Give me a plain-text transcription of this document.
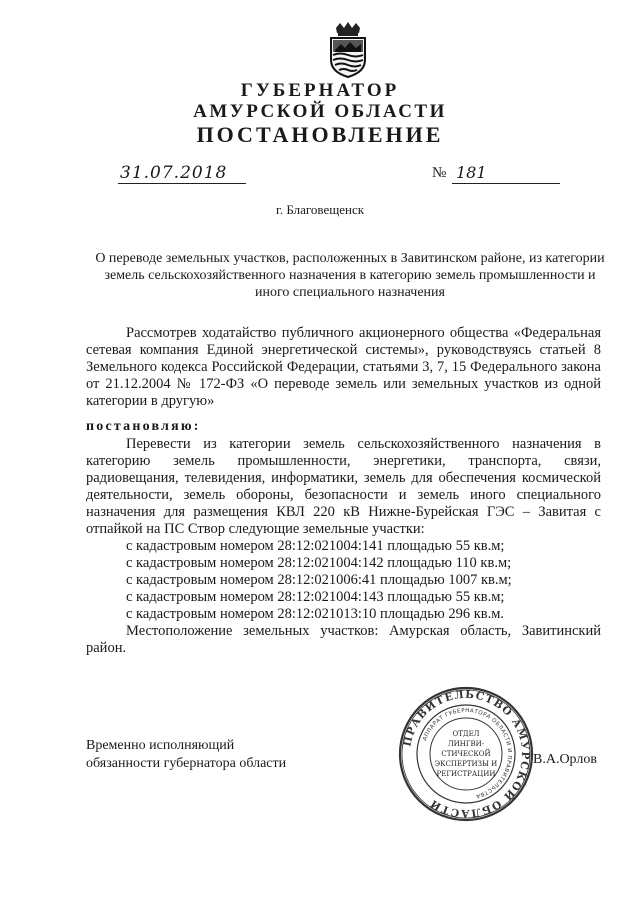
ГУБЕРНАТОР
АМУРСКОЙ ОБЛАСТИ
ПОСТАНОВЛЕНИЕ
31.07.2018	№ 181
г. Благовещенск
О переводе земельных участков, расположенных в Завитинском районе, из категории земель сельскохозяйственного назначения в категорию земель промышленности и иного специального назначения

Рассмотрев ходатайство публичного акционерного общества «Федеральная сетевая компания Единой энергетической системы», руководствуясь статьей 8 Земельного кодекса Российской Федерации, статьями 3, 7, 15 Федерального закона от 21.12.2004 № 172-ФЗ «О переводе земель или земельных участков из одной категории в другую»

постановляю:

Перевести из категории земель сельскохозяйственного назначения в категорию земель промышленности, энергетики, транспорта, связи, радиовещания, телевидения, информатики, земель для обеспечения космической деятельности, земель обороны, безопасности и земель иного специального назначения для размещения КВЛ 220 кВ Нижне-Бурейская ГЭС – Завитая с отпайкой на ПС Створ следующие земельные участки:

с кадастровым номером 28:12:021004:141 площадью 55 кв.м;

с кадастровым номером 28:12:021004:142 площадью 110 кв.м;

с кадастровым номером 28:12:021006:41 площадью 1007 кв.м;

с кадастровым номером 28:12:021004:143 площадью 55 кв.м;

с кадастровым номером 28:12:021013:10 площадью 296 кв.м.

Местоположение земельных участков: Амурская область, Завитинский район.

Временно исполняющий
обязанности губернатора области	В.А.Орлов
ПРАВИТЕЛЬСТВО АМУРСКОЙ ОБЛАСТИ
АППАРАТ ГУБЕРНАТОРА ОБЛАСТИ И ПРАВИТЕЛЬСТВА
ОТДЕЛ
ЛИНГВИ-
СТИЧЕСКОЙ
ЭКСПЕРТИЗЫ И
РЕГИСТРАЦИИ
